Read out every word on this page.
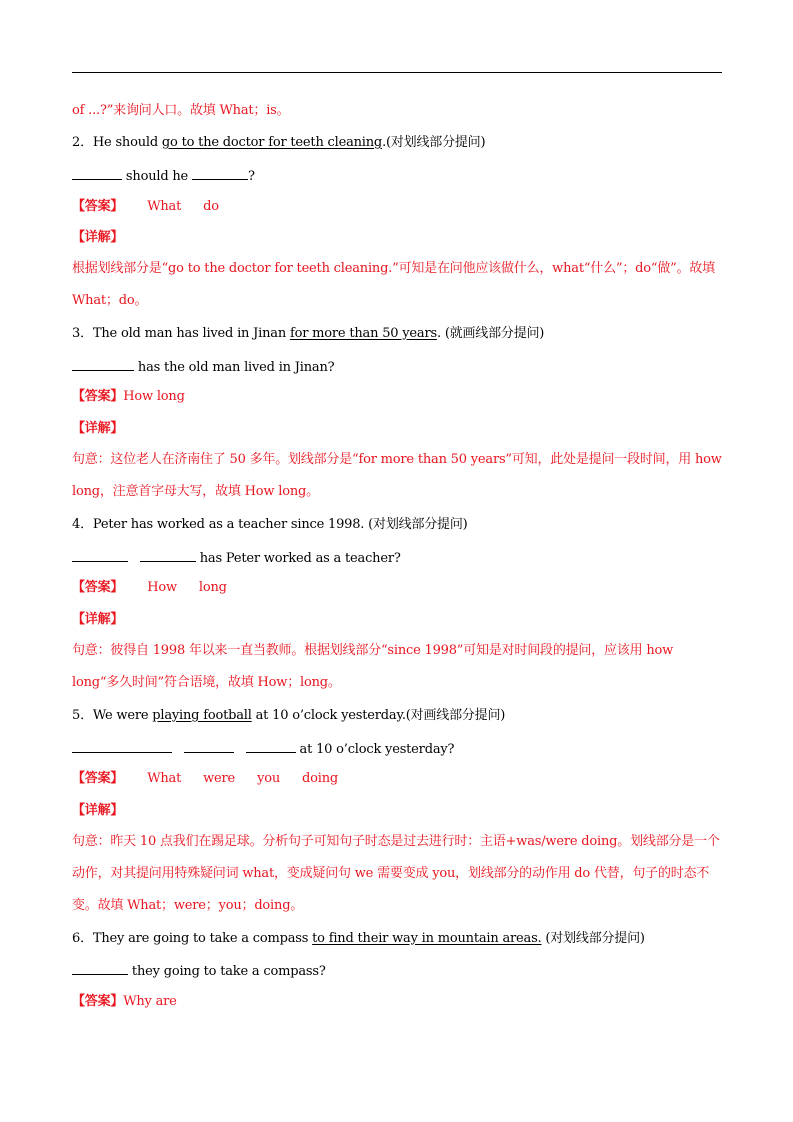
of ...?”来询问人口。故填 What；is。
2．He should go to the doctor for teeth cleaning.(对划线部分提问)
should he	?
【答案】 What do
【详解】
根据划线部分是“go to the doctor for teeth cleaning.”可知是在问他应该做什么，what“什么”；do“做”。故填What；do。
3．The old man has lived in Jinan for more than 50 years. (就画线部分提问)
has the old man lived in Jinan?
【答案】How long
【详解】
句意：这位老人在济南住了 50 多年。划线部分是“for more than 50 years”可知，此处是提问一段时间，用 how long，注意首字母大写，故填 How long。
4．Peter has worked as a teacher since 1998. (对划线部分提问)
has Peter worked as a teacher?
【答案】 How long
【详解】
句意：彼得自 1998 年以来一直当教师。根据划线部分“since 1998”可知是对时间段的提问，应该用 how long“多久时间”符合语境，故填 How；long。
5．We were playing football at 10 o’clock yesterday.(对画线部分提问)
at 10 o’clock yesterday?
【答案】 What were you doing
【详解】
句意：昨天 10 点我们在踢足球。分析句子可知句子时态是过去进行时：主语+was/were doing。划线部分是一个动作，对其提问用特殊疑问词 what，变成疑问句 we 需要变成 you，划线部分的动作用 do 代替，句子的时态不变。故填 What；were；you；doing。
6．They are going to take a compass to find their way in mountain areas. (对划线部分提问)
they going to take a compass?
【答案】Why are
